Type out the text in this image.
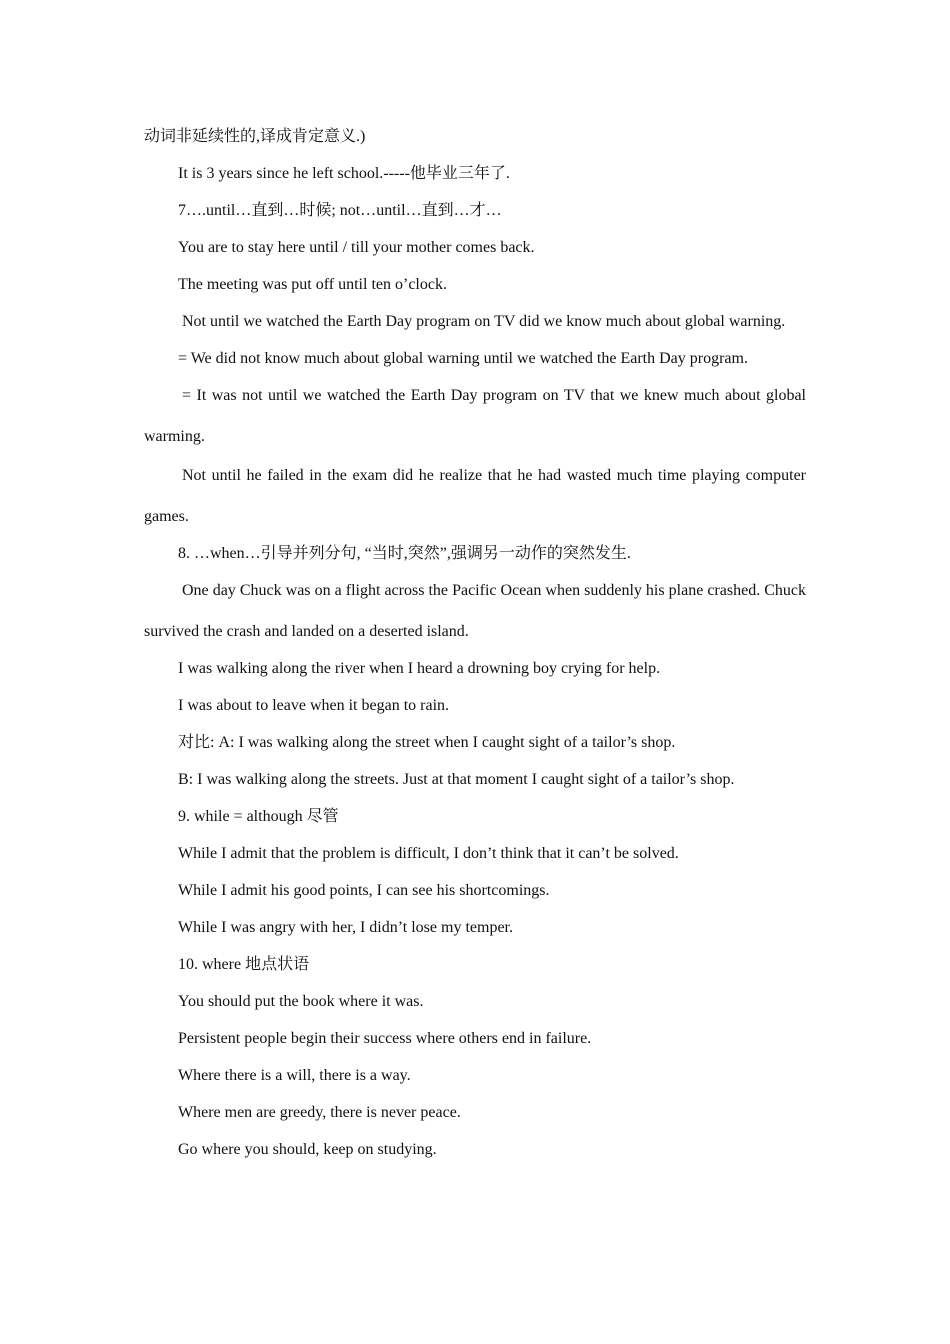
动词非延续性的,译成肯定意义.)

It is 3 years since he left school.-----他毕业三年了.

7….until…直到…时候; not…until…直到…才…

You are to stay here until / till your mother comes back.

The meeting was put off until ten o’clock.

Not until we watched the Earth Day program on TV did we know much about global warning.

= We did not know much about global warning until we watched the Earth Day program.

= It was not until we watched the Earth Day program on TV that we knew much about global warming.

Not until he failed in the exam did he realize that he had wasted much time playing computer games.

8. …when…引导并列分句, “当时,突然”,强调另一动作的突然发生.

One day Chuck was on a flight across the Pacific Ocean when suddenly his plane crashed. Chuck survived the crash and landed on a deserted island.

I was walking along the river when I heard a drowning boy crying for help.

I was about to leave when it began to rain.

对比: A: I was walking along the street when I caught sight of a tailor’s shop.

B: I was walking along the streets. Just at that moment I caught sight of a tailor’s shop.

9. while = although 尽管

While I admit that the problem is difficult, I don’t think that it can’t be solved.

While I admit his good points, I can see his shortcomings.

While I was angry with her, I didn’t lose my temper.

10. where 地点状语

You should put the book where it was.

Persistent people begin their success where others end in failure.

Where there is a will, there is a way.

Where men are greedy, there is never peace.

Go where you should, keep on studying.
